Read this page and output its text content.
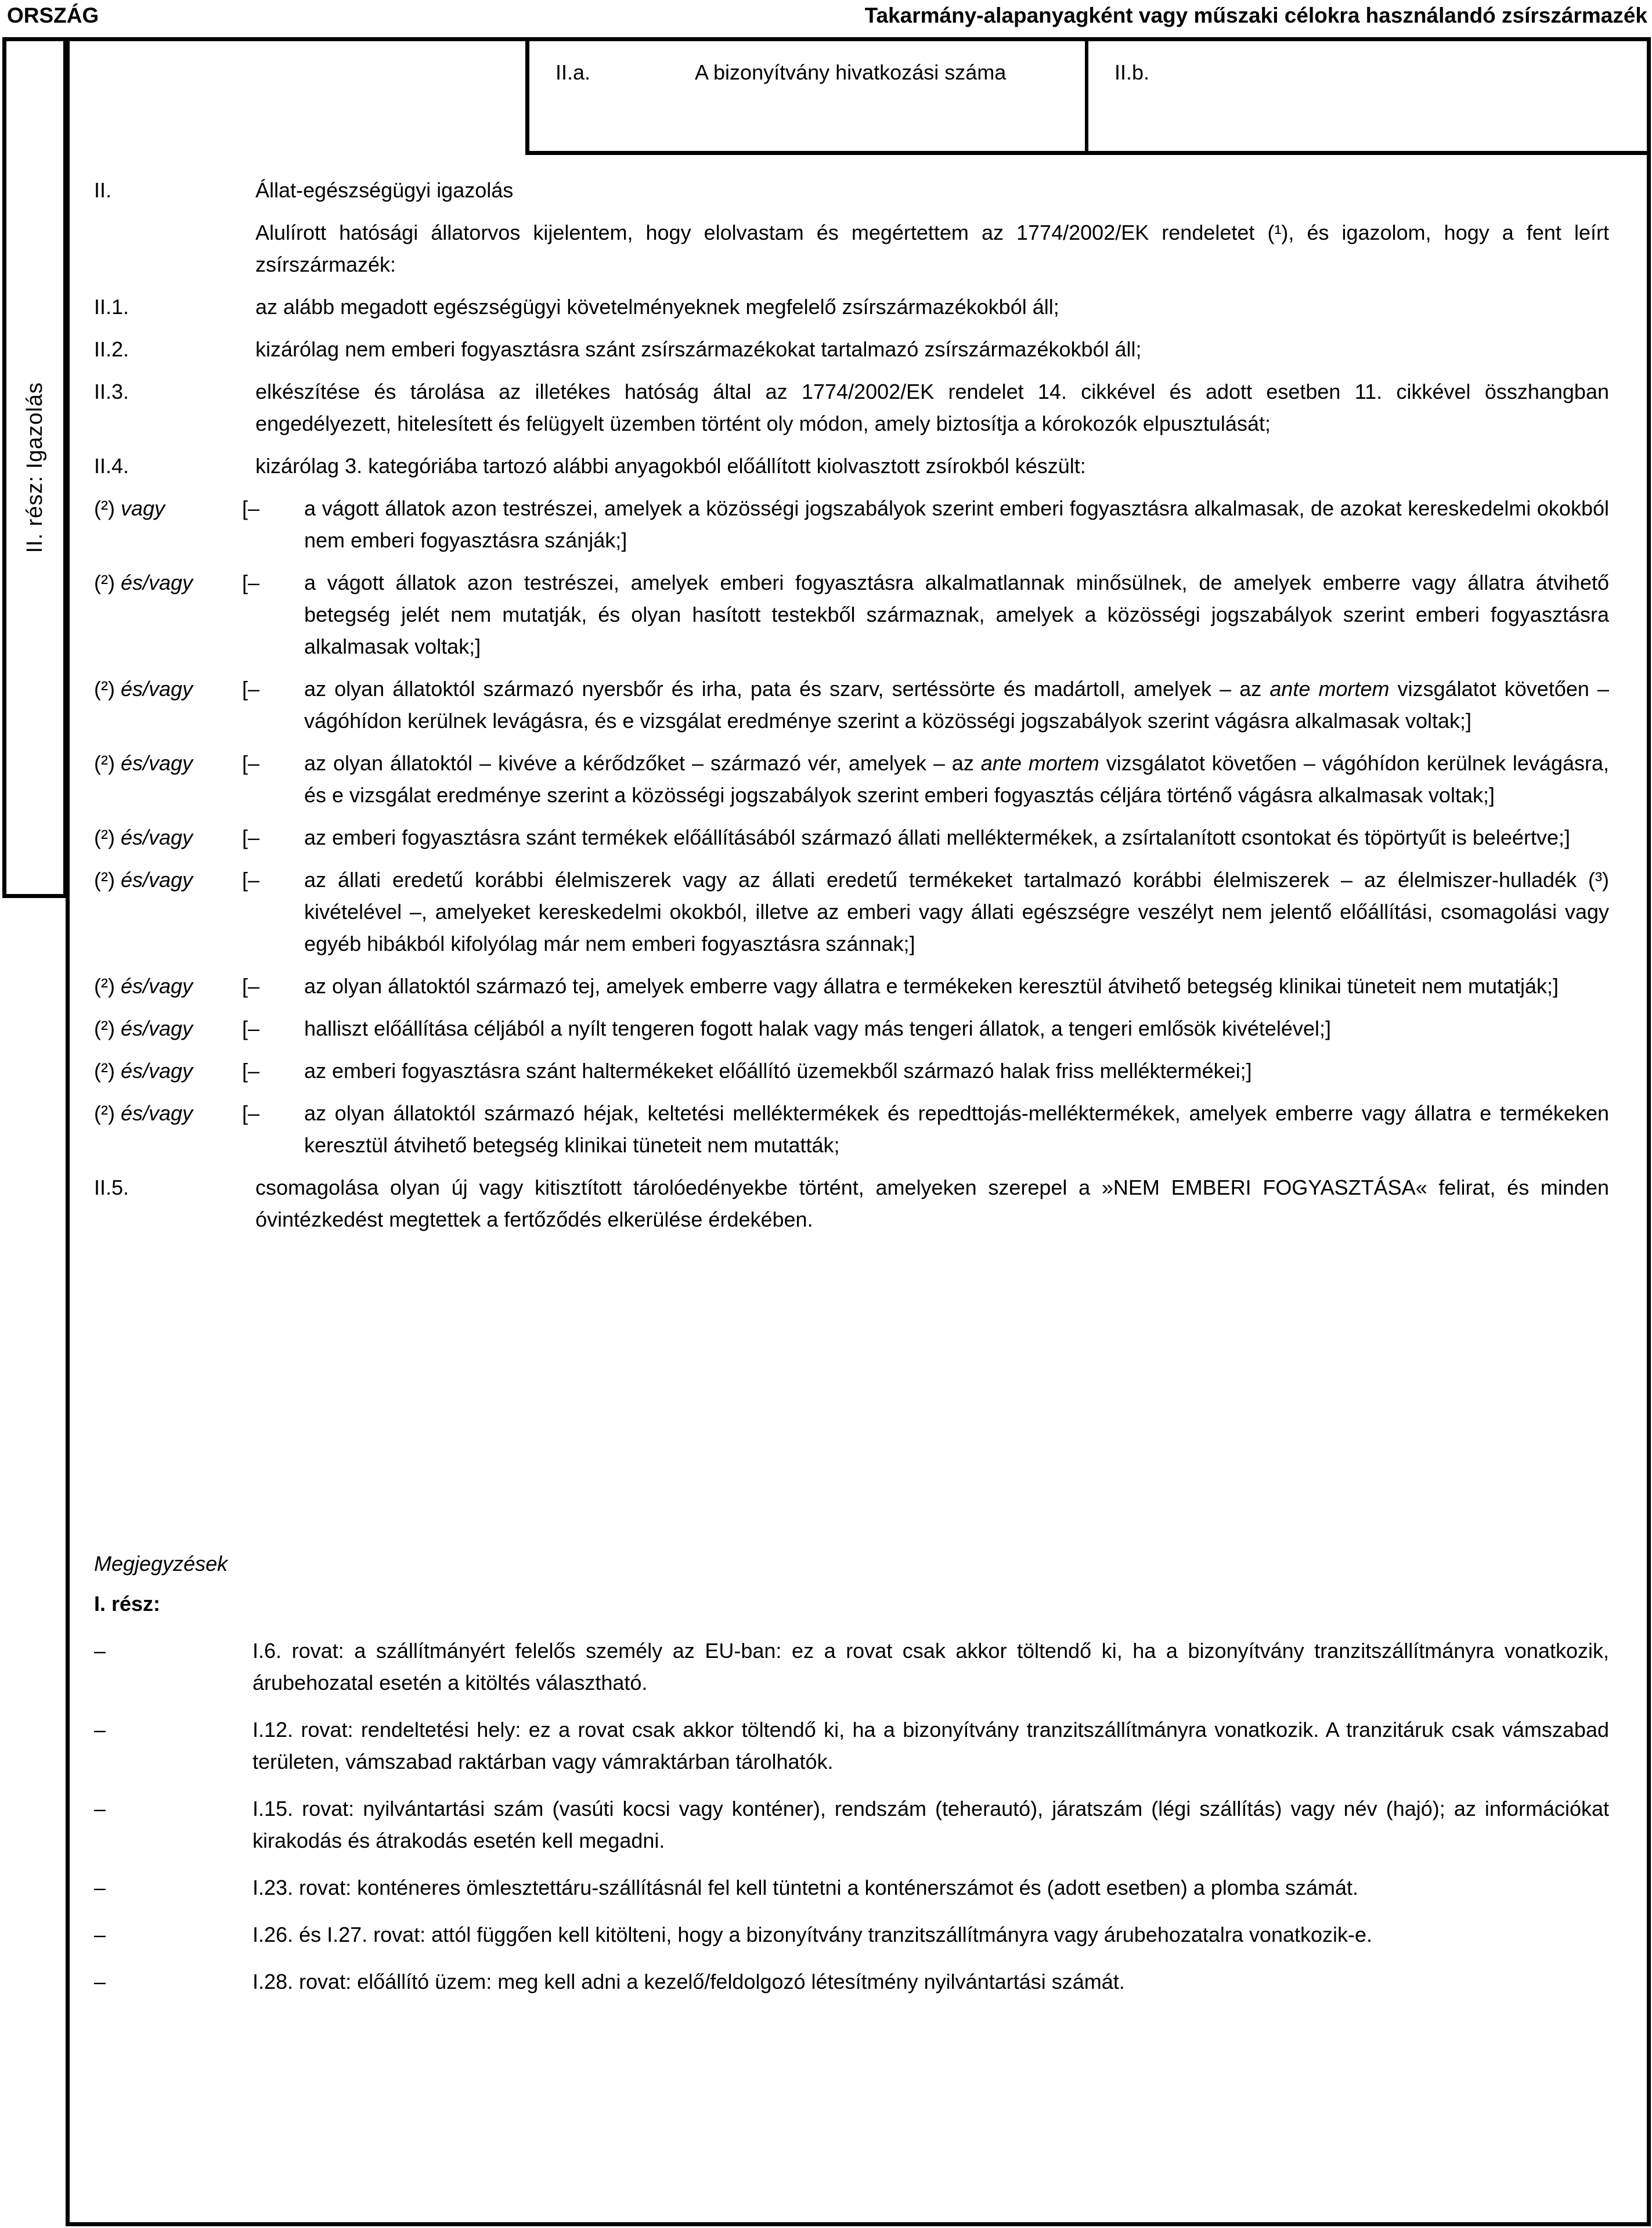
ORSZÁG	Takarmány-alapanyagként vagy műszaki célokra használandó zsírszármazék
II. rész: Igazolás
II.a.	A bizonyítvány hivatkozási száma	II.b.
II.	Állat-egészségügyi igazolás
Alulírott hatósági állatorvos kijelentem, hogy elolvastam és megértettem az 1774/2002/EK rendeletet (¹), és igazolom, hogy a fent leírt zsírszármazék:
II.1.	az alább megadott egészségügyi követelményeknek megfelelő zsírszármazékokból áll;
II.2.	kizárólag nem emberi fogyasztásra szánt zsírszármazékokat tartalmazó zsírszármazékokból áll;
II.3.	elkészítése és tárolása az illetékes hatóság által az 1774/2002/EK rendelet 14. cikkével és adott esetben 11. cikkével összhangban engedélyezett, hitelesített és felügyelt üzemben történt oly módon, amely biztosítja a kórokozók elpusztulását;
II.4.	kizárólag 3. kategóriába tartozó alábbi anyagokból előállított kiolvasztott zsírokból készült:
(²) vagy	[–	a vágott állatok azon testrészei, amelyek a közösségi jogszabályok szerint emberi fogyasztásra alkalmasak, de azokat kereskedelmi okokból nem emberi fogyasztásra szánják;]
(²) és/vagy	[–	a vágott állatok azon testrészei, amelyek emberi fogyasztásra alkalmatlannak minősülnek, de amelyek emberre vagy állatra átvihető betegség jelét nem mutatják, és olyan hasított testekből származnak, amelyek a közösségi jogszabályok szerint emberi fogyasztásra alkalmasak voltak;]
(²) és/vagy	[–	az olyan állatoktól származó nyersbőr és irha, pata és szarv, sertéssörte és madártoll, amelyek – az ante mortem vizsgálatot követően – vágóhídon kerülnek levágásra, és e vizsgálat eredménye szerint a közösségi jogszabályok szerint vágásra alkalmasak voltak;]
(²) és/vagy	[–	az olyan állatoktól – kivéve a kérődzőket – származó vér, amelyek – az ante mortem vizsgálatot követően – vágóhídon kerülnek levágásra, és e vizsgálat eredménye szerint a közösségi jogszabályok szerint emberi fogyasztás céljára történő vágásra alkalmasak voltak;]
(²) és/vagy	[–	az emberi fogyasztásra szánt termékek előállításából származó állati melléktermékek, a zsírtalanított csontokat és töpörtyűt is beleértve;]
(²) és/vagy	[–	az állati eredetű korábbi élelmiszerek vagy az állati eredetű termékeket tartalmazó korábbi élelmiszerek – az élelmiszer-hulladék (³) kivételével –, amelyeket kereskedelmi okokból, illetve az emberi vagy állati egészségre veszélyt nem jelentő előállítási, csomagolási vagy egyéb hibákból kifolyólag már nem emberi fogyasztásra szánnak;]
(²) és/vagy	[–	az olyan állatoktól származó tej, amelyek emberre vagy állatra e termékeken keresztül átvihető betegség klinikai tüneteit nem mutatják;]
(²) és/vagy	[–	halliszt előállítása céljából a nyílt tengeren fogott halak vagy más tengeri állatok, a tengeri emlősök kivételével;]
(²) és/vagy	[–	az emberi fogyasztásra szánt haltermékeket előállító üzemekből származó halak friss melléktermékei;]
(²) és/vagy	[–	az olyan állatoktól származó héjak, keltetési melléktermékek és repedttojás-melléktermékek, amelyek emberre vagy állatra e termékeken keresztül átvihető betegség klinikai tüneteit nem mutatták;
II.5.	csomagolása olyan új vagy kitisztított tárolóedényekbe történt, amelyeken szerepel a »NEM EMBERI FOGYASZTÁSA« felirat, és minden óvintézkedést megtettek a fertőződés elkerülése érdekében.
Megjegyzések
I. rész:
–	I.6. rovat: a szállítmányért felelős személy az EU-ban: ez a rovat csak akkor töltendő ki, ha a bizonyítvány tranzitszállítmányra vonatkozik, árubehozatal esetén a kitöltés választható.
–	I.12. rovat: rendeltetési hely: ez a rovat csak akkor töltendő ki, ha a bizonyítvány tranzitszállítmányra vonatkozik. A tranzitáruk csak vámszabad területen, vámszabad raktárban vagy vámraktárban tárolhatók.
–	I.15. rovat: nyilvántartási szám (vasúti kocsi vagy konténer), rendszám (teherautó), járatszám (légi szállítás) vagy név (hajó); az információkat kirakodás és átrakodás esetén kell megadni.
–	I.23. rovat: konténeres ömlesztettáru-szállításnál fel kell tüntetni a konténerszámot és (adott esetben) a plomba számát.
–	I.26. és I.27. rovat: attól függően kell kitölteni, hogy a bizonyítvány tranzitszállítmányra vagy árubehozatalra vonatkozik-e.
–	I.28. rovat: előállító üzem: meg kell adni a kezelő/feldolgozó létesítmény nyilvántartási számát.
